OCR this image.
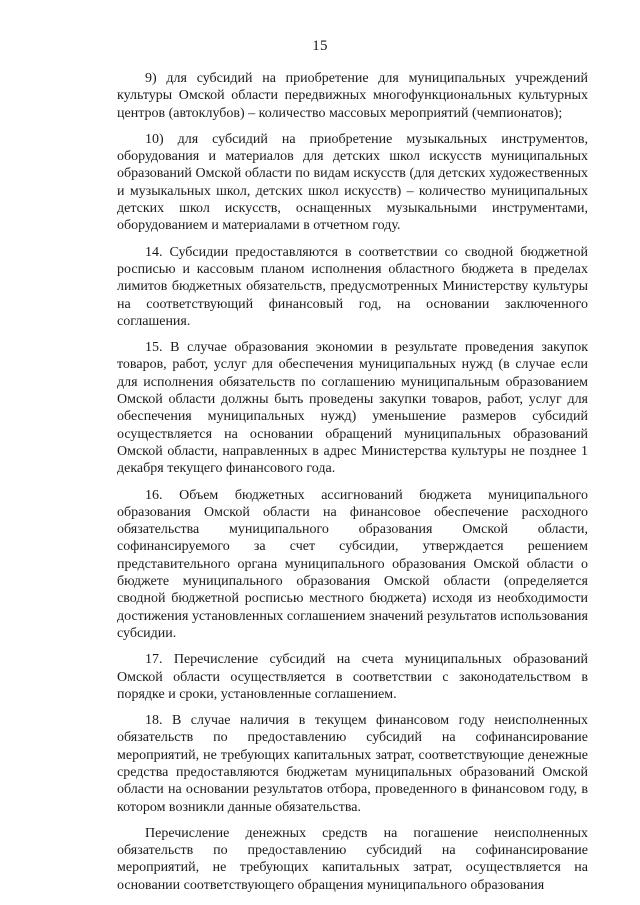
15

9) для субсидий на приобретение для муниципальных учреждений культуры Омской области передвижных многофункциональных культурных центров (автоклубов) – количество массовых мероприятий (чемпионатов);

10) для субсидий на приобретение музыкальных инструментов, оборудования и материалов для детских школ искусств муниципальных образований Омской области по видам искусств (для детских художественных и музыкальных школ, детских школ искусств) – количество муниципальных детских школ искусств, оснащенных музыкальными инструментами, оборудованием и материалами в отчетном году.

14. Субсидии предоставляются в соответствии со сводной бюджетной росписью и кассовым планом исполнения областного бюджета в пределах лимитов бюджетных обязательств, предусмотренных Министерству культуры на соответствующий финансовый год, на основании заключенного соглашения.

15. В случае образования экономии в результате проведения закупок товаров, работ, услуг для обеспечения муниципальных нужд (в случае если для исполнения обязательств по соглашению муниципальным образованием Омской области должны быть проведены закупки товаров, работ, услуг для обеспечения муниципальных нужд) уменьшение размеров субсидий осуществляется на основании обращений муниципальных образований Омской области, направленных в адрес Министерства культуры не позднее 1 декабря текущего финансового года.

16. Объем бюджетных ассигнований бюджета муниципального образования Омской области на финансовое обеспечение расходного обязательства муниципального образования Омской области, софинансируемого за счет субсидии, утверждается решением представительного органа муниципального образования Омской области о бюджете муниципального образования Омской области (определяется сводной бюджетной росписью местного бюджета) исходя из необходимости достижения установленных соглашением значений результатов использования субсидии.

17. Перечисление субсидий на счета муниципальных образований Омской области осуществляется в соответствии с законодательством в порядке и сроки, установленные соглашением.

18. В случае наличия в текущем финансовом году неисполненных обязательств по предоставлению субсидий на софинансирование мероприятий, не требующих капитальных затрат, соответствующие денежные средства предоставляются бюджетам муниципальных образований Омской области на основании результатов отбора, проведенного в финансовом году, в котором возникли данные обязательства.

Перечисление денежных средств на погашение неисполненных обязательств по предоставлению субсидий на софинансирование мероприятий, не требующих капитальных затрат, осуществляется на основании соответствующего обращения муниципального образования
